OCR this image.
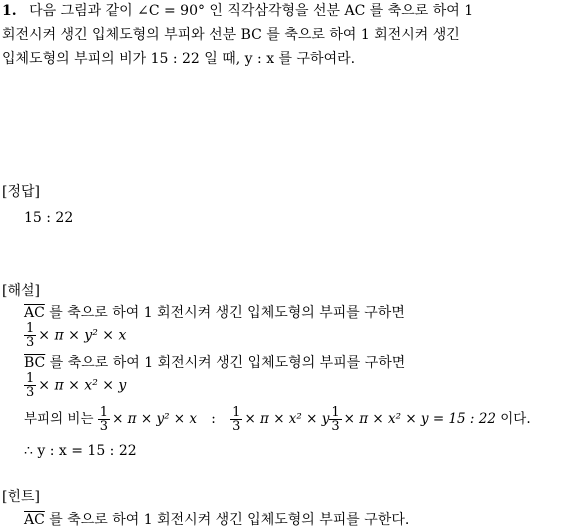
1. 다음 그림과 같이 ∠C = 90° 인 직각삼각형을 선분 AC 를 축으로 하여 1
회전시켜 생긴 입체도형의 부피와 선분 BC 를 축으로 하여 1 회전시켜 생긴
입체도형의 부피의 비가 15 : 22 일 때, y : x 를 구하여라.
[정답]
15 : 22
[해설]
$\overline{AC}$ 를 축으로 하여 1 회전시켜 생긴 입체도형의 부피를 구하면
$\frac{1}{3} \times \pi \times y^2 \times x$
$\overline{BC}$ 를 축으로 하여 1 회전시켜 생긴 입체도형의 부피를 구하면
$\frac{1}{3} \times \pi \times x^2 \times y$
부피의 비는 $\frac{1}{3} \times \pi \times y^2 \times x$ : $\frac{1}{3} \times \pi \times x^2 \times y \frac{1}{3} \times \pi \times x^2 \times y = 15$ : 22 이다.
∴ y : x = 15 : 22
[힌트]
$\overline{AC}$ 를 축으로 하여 1 회전시켜 생긴 입체도형의 부피를 구한다.
